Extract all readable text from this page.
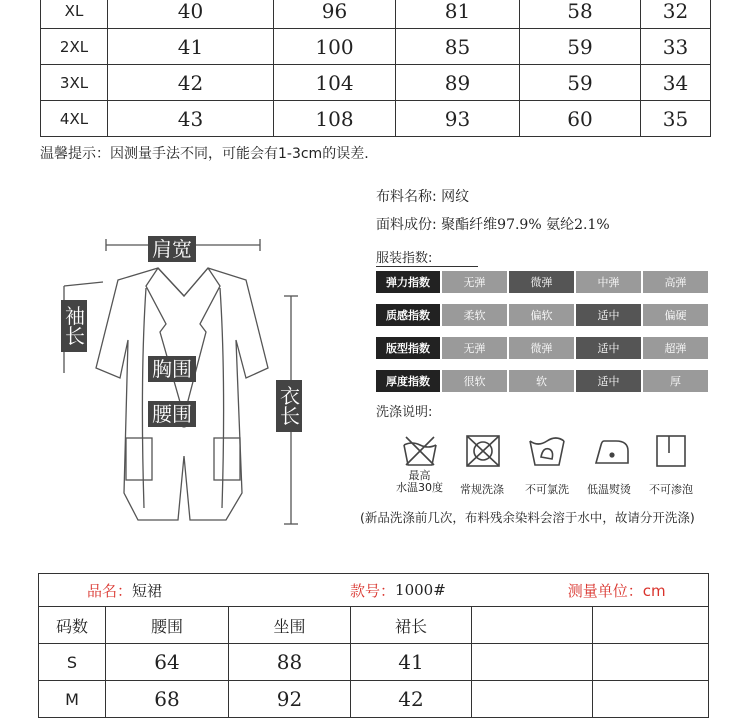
XL	40	96	81	58	32
2XL	41	100	85	59	33
3XL	42	104	89	59	34
4XL	43	108	93	60	35
温馨提示：因测量手法不同，可能会有1-3cm的误差.
肩宽
袖长
胸围
腰围
衣长
布料名称: 网纹
面料成份: 聚酯纤维97.9% 氨纶2.1%
服装指数:
弹力指数	无弹	微弹	中弹	高弹
质感指数	柔软	偏软	适中	偏硬
版型指数	无弹	微弹	适中	超弹
厚度指数	很软	软	适中	厚
洗涤说明:
最高
水温30度 常规洗涤 不可氯洗 低温熨烫 不可渗泡
(新品洗涤前几次，布料残余染料会溶于水中，故请分开洗涤)
品名： 短裙 款号： 1000# 测量单位：cm					

码数	腰围	坐围	裙长		
S	64	88	41		
M	68	92	42		
